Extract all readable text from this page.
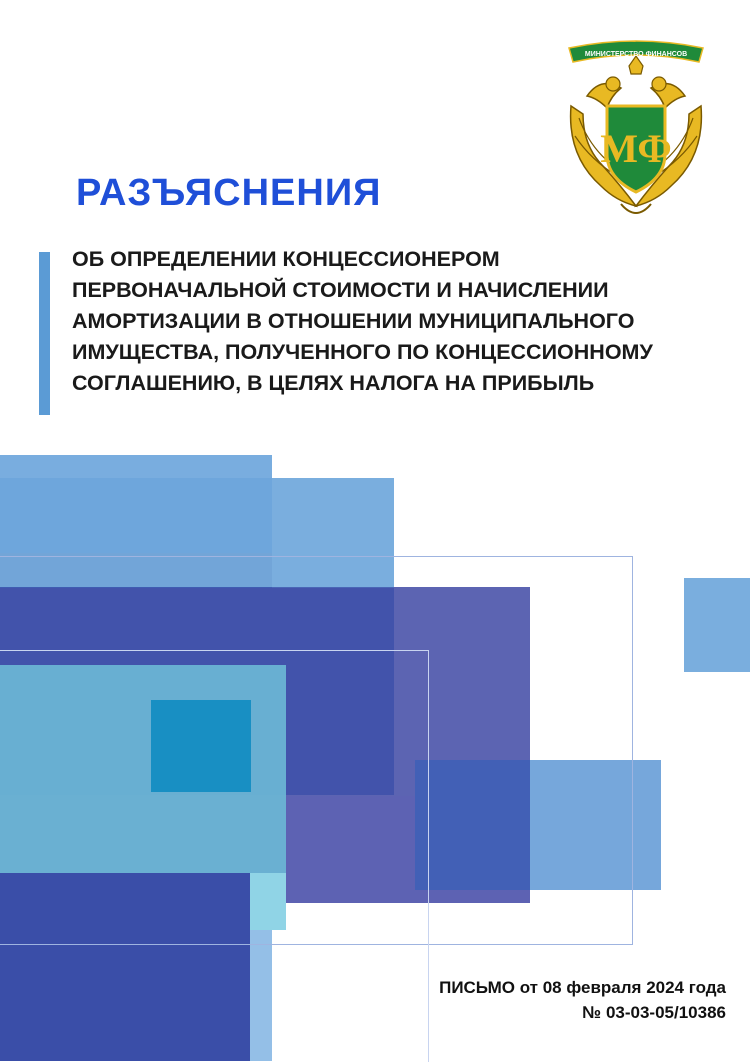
МИНИСТЕРСТВО ФИНАНСОВ
МФ
РАЗЪЯСНЕНИЯ

ОБ ОПРЕДЕЛЕНИИ КОНЦЕССИОНЕРОМ ПЕРВОНАЧАЛЬНОЙ СТОИМОСТИ И НАЧИСЛЕНИИ АМОРТИЗАЦИИ В ОТНОШЕНИИ МУНИЦИПАЛЬНОГО ИМУЩЕСТВА, ПОЛУЧЕННОГО ПО КОНЦЕССИОННОМУ СОГЛАШЕНИЮ, В ЦЕЛЯХ НАЛОГА НА ПРИБЫЛЬ

ПИСЬМО от 08 февраля 2024 года
№ 03-03-05/10386
